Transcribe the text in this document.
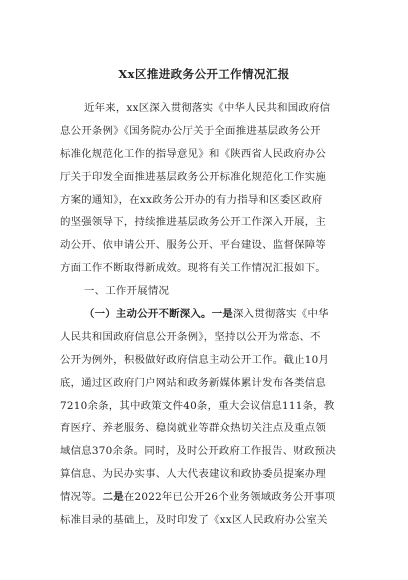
Xx区推进政务公开工作情况汇报
近年来，xx区深入贯彻落实《中华人民共和国政府信
息公开条例》《国务院办公厅关于全面推进基层政务公开
标准化规范化工作的指导意见》和《陕西省人民政府办公
厅关于印发全面推进基层政务公开标准化规范化工作实施
方案的通知》，在xx政务公开办的有力指导和区委区政府
的坚强领导下，持续推进基层政务公开工作深入开展，主
动公开、依申请公开、服务公开、平台建设、监督保障等
方面工作不断取得新成效。现将有关工作情况汇报如下。
一、工作开展情况
（一）主动公开不断深入。一是深入贯彻落实《中华
人民共和国政府信息公开条例》，坚持以公开为常态、不
公开为例外，积极做好政府信息主动公开工作。截止10月
底，通过区政府门户网站和政务新媒体累计发布各类信息
7210余条，其中政策文件40条，重大会议信息111条，教
育医疗、养老服务、稳岗就业等群众热切关注点及重点领
域信息370余条。同时，及时公开政府工作报告、财政预决
算信息、为民办实事、人大代表建议和政协委员提案办理
情况等。二是在2022年已公开26个业务领域政务公开事项
标准目录的基础上，及时印发了《xx区人民政府办公室关
